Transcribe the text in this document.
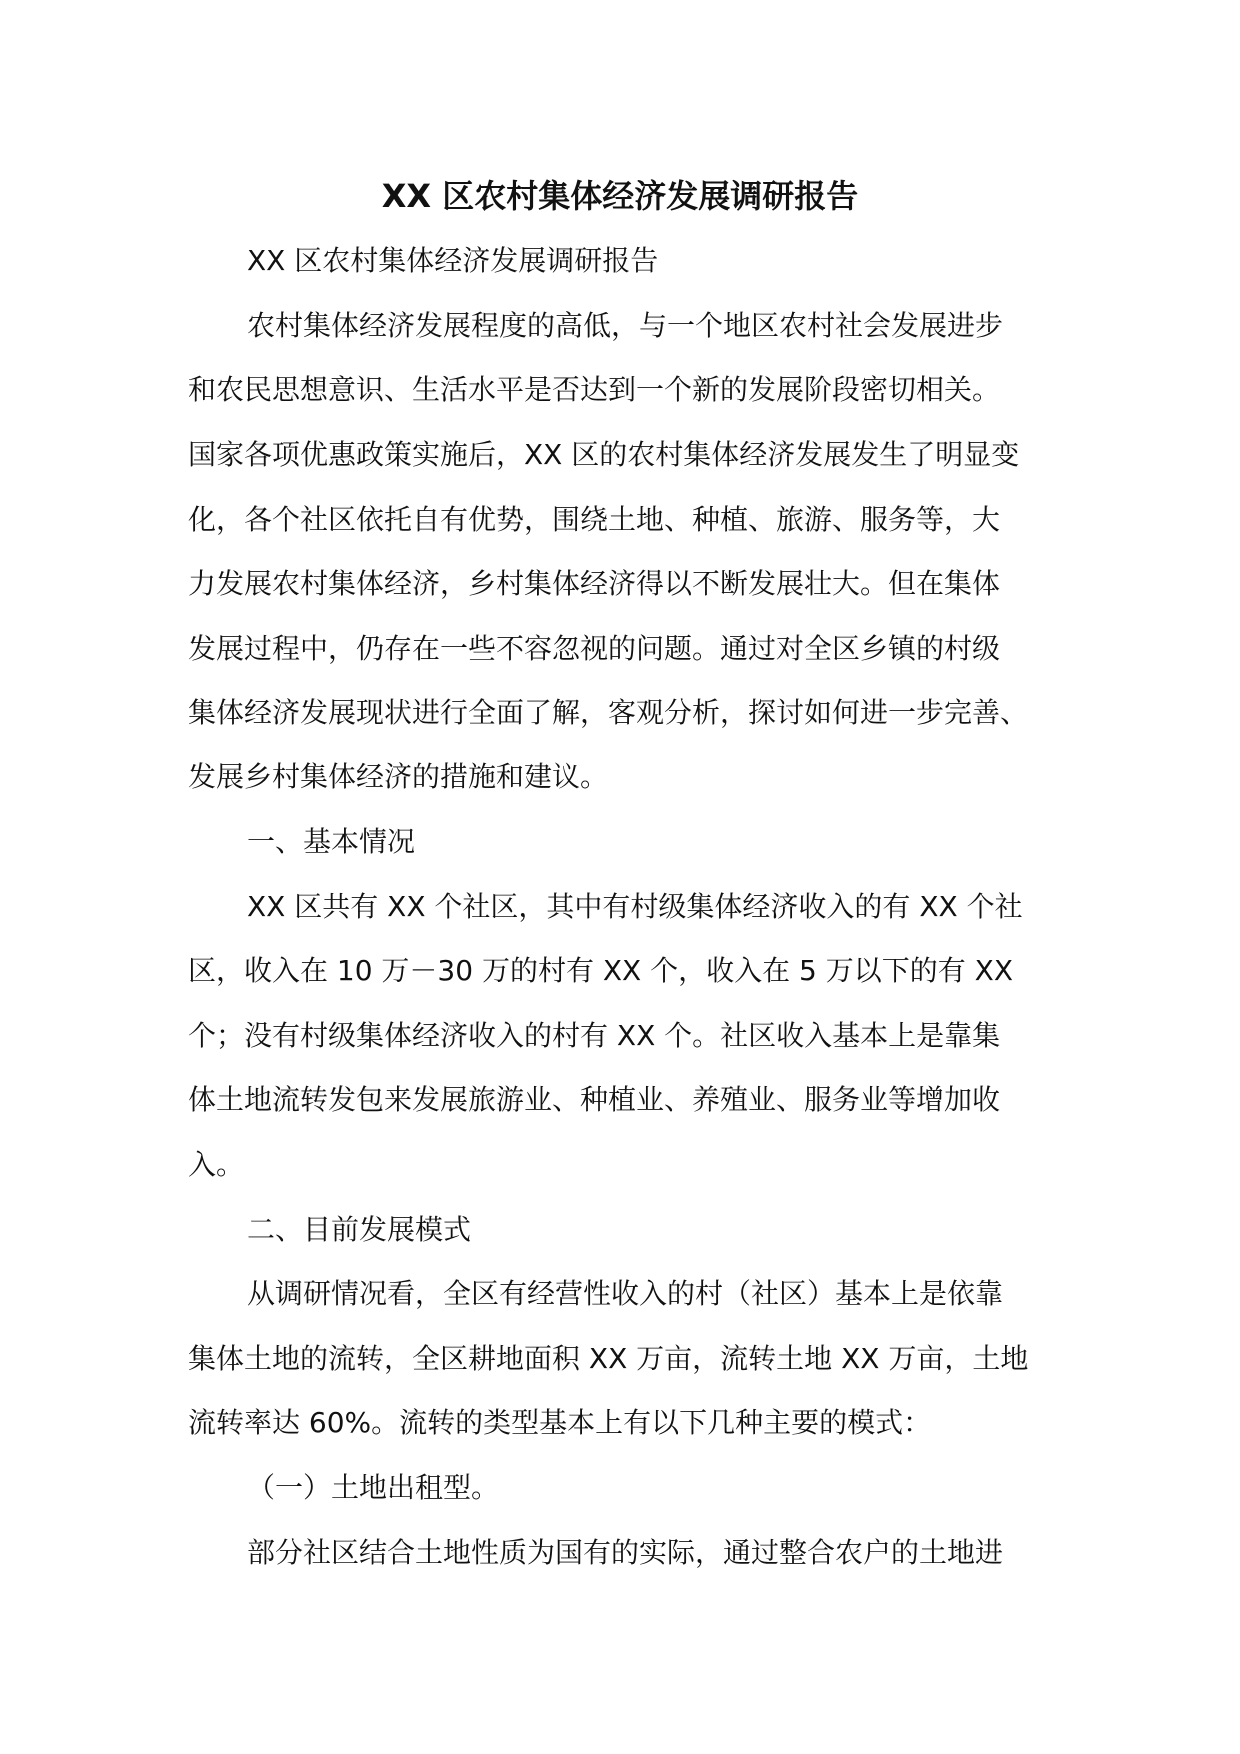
XX 区农村集体经济发展调研报告

XX 区农村集体经济发展调研报告

农村集体经济发展程度的高低，与一个地区农村社会发展进步

和农民思想意识、生活水平是否达到一个新的发展阶段密切相关。

国家各项优惠政策实施后，XX 区的农村集体经济发展发生了明显变

化，各个社区依托自有优势，围绕土地、种植、旅游、服务等，大

力发展农村集体经济，乡村集体经济得以不断发展壮大。但在集体

发展过程中，仍存在一些不容忽视的问题。通过对全区乡镇的村级

集体经济发展现状进行全面了解，客观分析，探讨如何进一步完善、

发展乡村集体经济的措施和建议。

一、基本情况

XX 区共有 XX 个社区，其中有村级集体经济收入的有 XX 个社

区，收入在 10 万－30 万的村有 XX 个，收入在 5 万以下的有 XX

个；没有村级集体经济收入的村有 XX 个。社区收入基本上是靠集

体土地流转发包来发展旅游业、种植业、养殖业、服务业等增加收

入。

二、目前发展模式

从调研情况看，全区有经营性收入的村（社区）基本上是依靠

集体土地的流转，全区耕地面积 XX 万亩，流转土地 XX 万亩，土地

流转率达 60%。流转的类型基本上有以下几种主要的模式：

（一）土地出租型。

部分社区结合土地性质为国有的实际，通过整合农户的土地进
